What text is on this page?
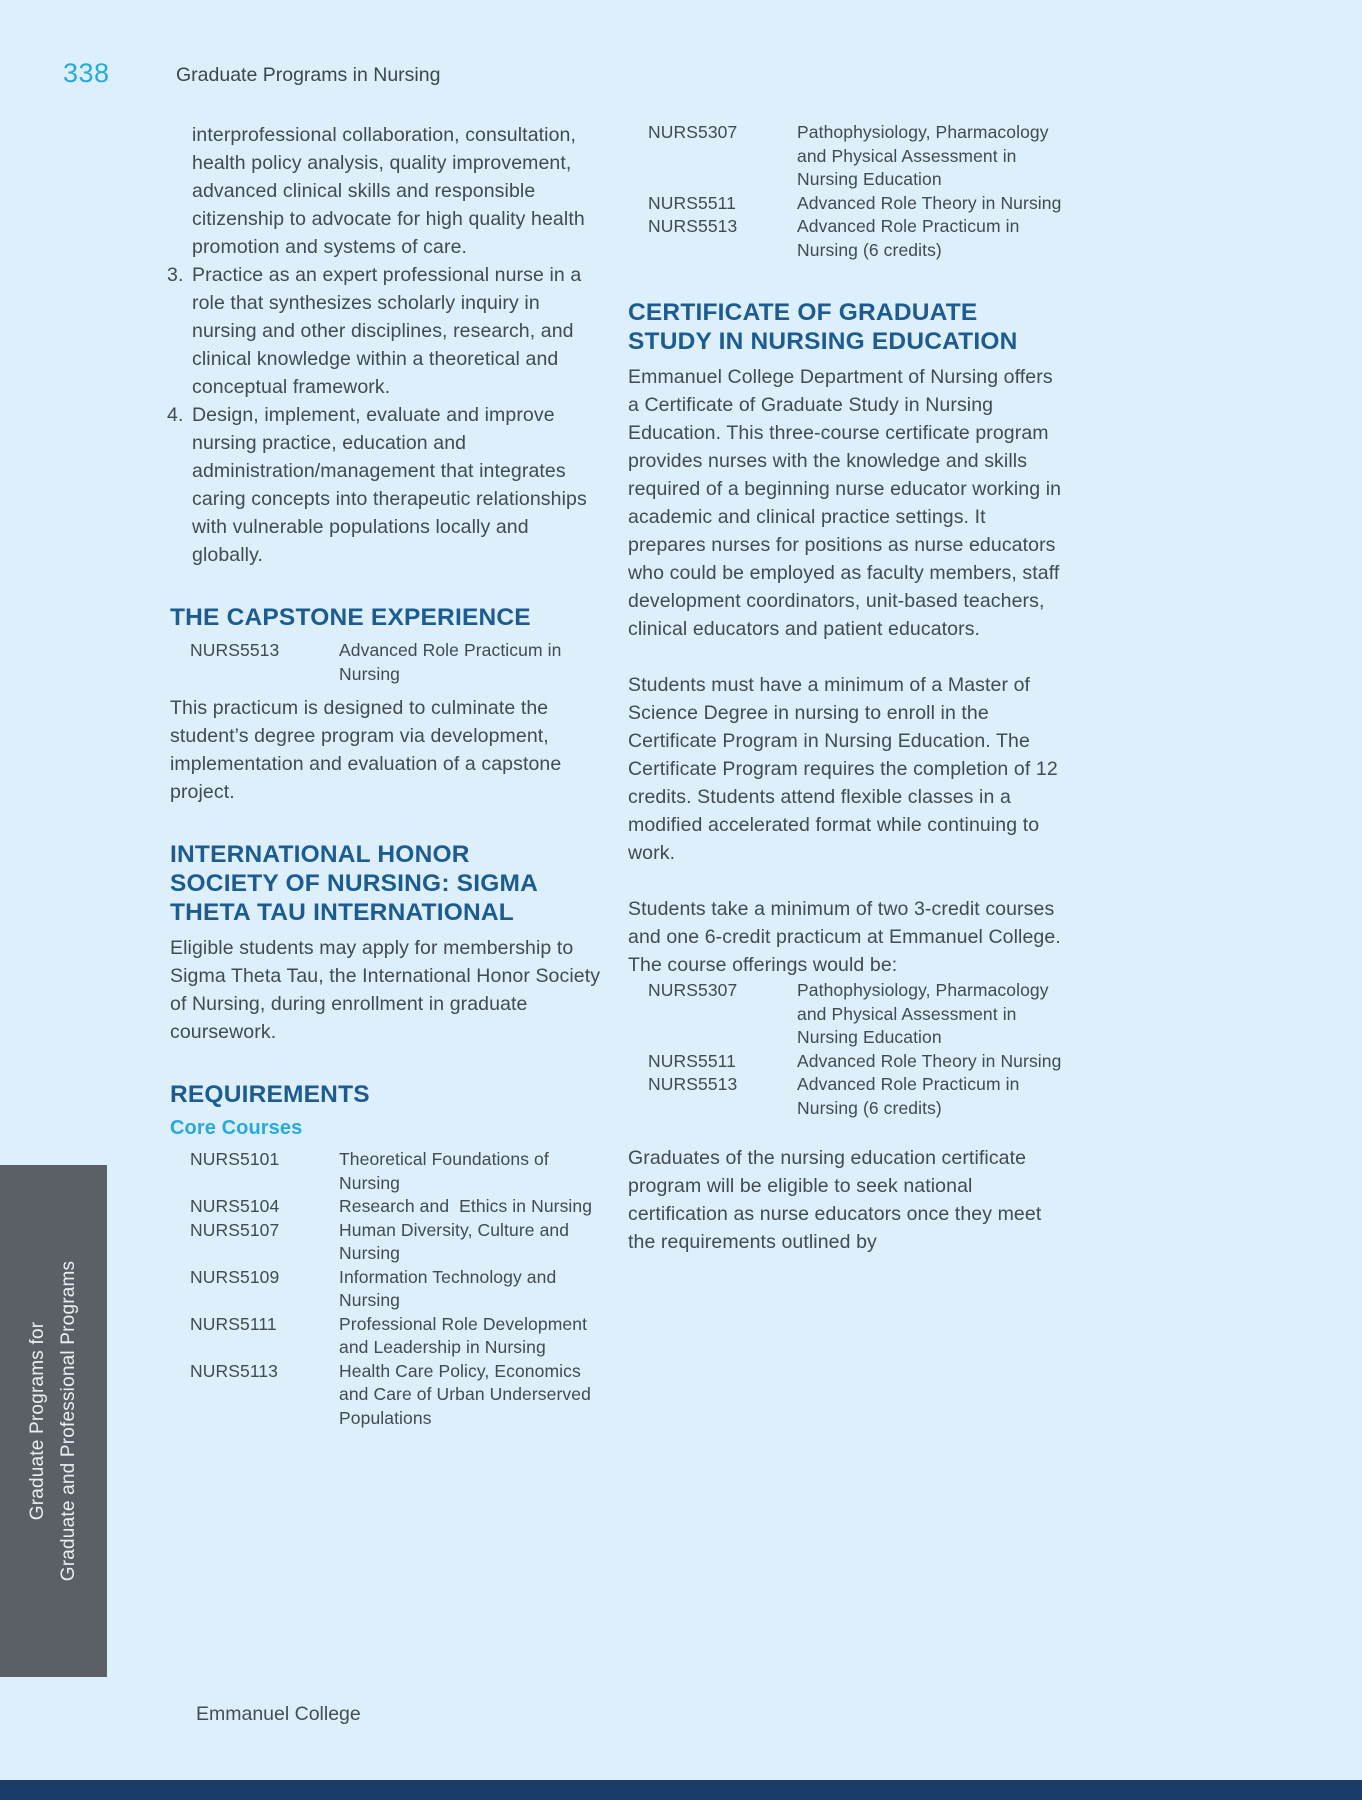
338	Graduate Programs in Nursing
interprofessional collaboration, consultation, health policy analysis, quality improvement, advanced clinical skills and responsible citizenship to advocate for high quality health promotion and systems of care.
3. Practice as an expert professional nurse in a role that synthesizes scholarly inquiry in nursing and other disciplines, research, and clinical knowledge within a theoretical and conceptual framework.
4. Design, implement, evaluate and improve nursing practice, education and administration/management that integrates caring concepts into therapeutic relationships with vulnerable populations locally and globally.
THE CAPSTONE EXPERIENCE
NURS5513	Advanced Role Practicum in Nursing
This practicum is designed to culminate the student’s degree program via development, implementation and evaluation of a capstone project.
INTERNATIONAL HONOR SOCIETY OF NURSING: SIGMA THETA TAU INTERNATIONAL
Eligible students may apply for membership to Sigma Theta Tau, the International Honor Society of Nursing, during enrollment in graduate coursework.
REQUIREMENTS
Core Courses
NURS5101	Theoretical Foundations of Nursing
NURS5104	Research and  Ethics in Nursing
NURS5107	Human Diversity, Culture and Nursing
NURS5109	Information Technology and Nursing
NURS5111	Professional Role Development and Leadership in Nursing
NURS5113	Health Care Policy, Economics and Care of Urban Underserved Populations
NURS5307	Pathophysiology, Pharmacology and Physical Assessment in Nursing Education
NURS5511	Advanced Role Theory in Nursing
NURS5513	Advanced Role Practicum in Nursing (6 credits)
CERTIFICATE OF GRADUATE STUDY IN NURSING EDUCATION
Emmanuel College Department of Nursing offers a Certificate of Graduate Study in Nursing Education. This three-course certificate program provides nurses with the knowledge and skills required of a beginning nurse educator working in academic and clinical practice settings. It prepares nurses for positions as nurse educators who could be employed as faculty members, staff development coordinators, unit-based teachers, clinical educators and patient educators.
Students must have a minimum of a Master of Science Degree in nursing to enroll in the Certificate Program in Nursing Education. The Certificate Program requires the completion of 12 credits. Students attend flexible classes in a modified accelerated format while continuing to work.
Students take a minimum of two 3-credit courses and one 6-credit practicum at Emmanuel College. The course offerings would be:
NURS5307	Pathophysiology, Pharmacology and Physical Assessment in Nursing Education
NURS5511	Advanced Role Theory in Nursing
NURS5513	Advanced Role Practicum in Nursing (6 credits)
Graduates of the nursing education certificate program will be eligible to seek national certification as nurse educators once they meet the requirements outlined by
Graduate Programs for Graduate and Professional Programs
Emmanuel College
